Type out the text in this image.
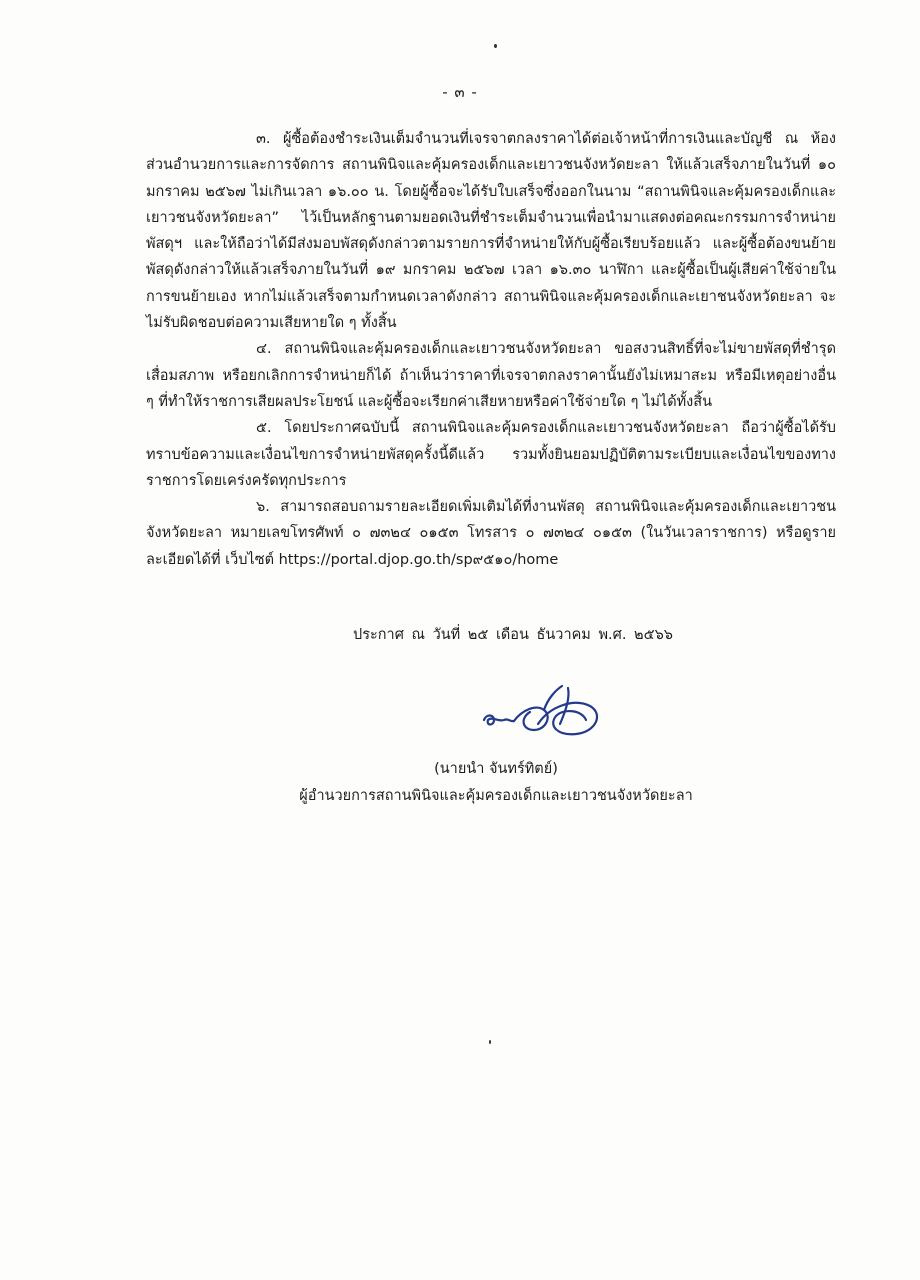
- ๓ -

๓. ผู้ซื้อต้องชำระเงินเต็มจำนวนที่เจรจาตกลงราคาได้ต่อเจ้าหน้าที่การเงินและบัญชี ณ ห้องส่วนอำนวยการและการจัดการ สถานพินิจและคุ้มครองเด็กและเยาวชนจังหวัดยะลา ให้แล้วเสร็จภายในวันที่ ๑๐ มกราคม ๒๕๖๗ ไม่เกินเวลา ๑๖.๐๐ น. โดยผู้ซื้อจะได้รับใบเสร็จซึ่งออกในนาม “สถานพินิจและคุ้มครองเด็กและเยาวชนจังหวัดยะลา” ไว้เป็นหลักฐานตามยอดเงินที่ชำระเต็มจำนวนเพื่อนำมาแสดงต่อคณะกรรมการจำหน่ายพัสดุฯ และให้ถือว่าได้มีส่งมอบพัสดุดังกล่าวตามรายการที่จำหน่ายให้กับผู้ซื้อเรียบร้อยแล้ว และผู้ซื้อต้องขนย้ายพัสดุดังกล่าวให้แล้วเสร็จภายในวันที่ ๑๙ มกราคม ๒๕๖๗ เวลา ๑๖.๓๐ นาฬิกา และผู้ซื้อเป็นผู้เสียค่าใช้จ่ายในการขนย้ายเอง หากไม่แล้วเสร็จตามกำหนดเวลาดังกล่าว สถานพินิจและคุ้มครองเด็กและเยาชนจังหวัดยะลา จะไม่รับผิดชอบต่อความเสียหายใด ๆ ทั้งสิ้น

๔. สถานพินิจและคุ้มครองเด็กและเยาวชนจังหวัดยะลา ขอสงวนสิทธิ์ที่จะไม่ขายพัสดุที่ชำรุดเสื่อมสภาพ หรือยกเลิกการจำหน่ายก็ได้ ถ้าเห็นว่าราคาที่เจรจาตกลงราคานั้นยังไม่เหมาสะม หรือมีเหตุอย่างอื่น ๆ ที่ทำให้ราชการเสียผลประโยชน์ และผู้ซื้อจะเรียกค่าเสียหายหรือค่าใช้จ่ายใด ๆ ไม่ได้ทั้งสิ้น

๕. โดยประกาศฉบับนี้ สถานพินิจและคุ้มครองเด็กและเยาวชนจังหวัดยะลา ถือว่าผู้ซื้อได้รับทราบข้อความและเงื่อนไขการจำหน่ายพัสดุครั้งนี้ดีแล้ว รวมทั้งยินยอมปฏิบัติตามระเบียบและเงื่อนไขของทางราชการโดยเคร่งครัดทุกประการ

๖. สามารถสอบถามรายละเอียดเพิ่มเติมได้ที่งานพัสดุ สถานพินิจและคุ้มครองเด็กและเยาวชนจังหวัดยะลา หมายเลขโทรศัพท์ ๐ ๗๓๒๔ ๐๑๕๓ โทรสาร ๐ ๗๓๒๔ ๐๑๕๓ (ในวันเวลาราชการ) หรือดูรายละเอียดได้ที่ เว็บไซต์ https://portal.djop.go.th/sp๙๕๑๐/home

ประกาศ ณ วันที่ ๒๕ เดือน ธันวาคม พ.ศ. ๒๕๖๖
(นายนำ จันทร์ทิตย์)
ผู้อำนวยการสถานพินิจและคุ้มครองเด็กและเยาวชนจังหวัดยะลา
